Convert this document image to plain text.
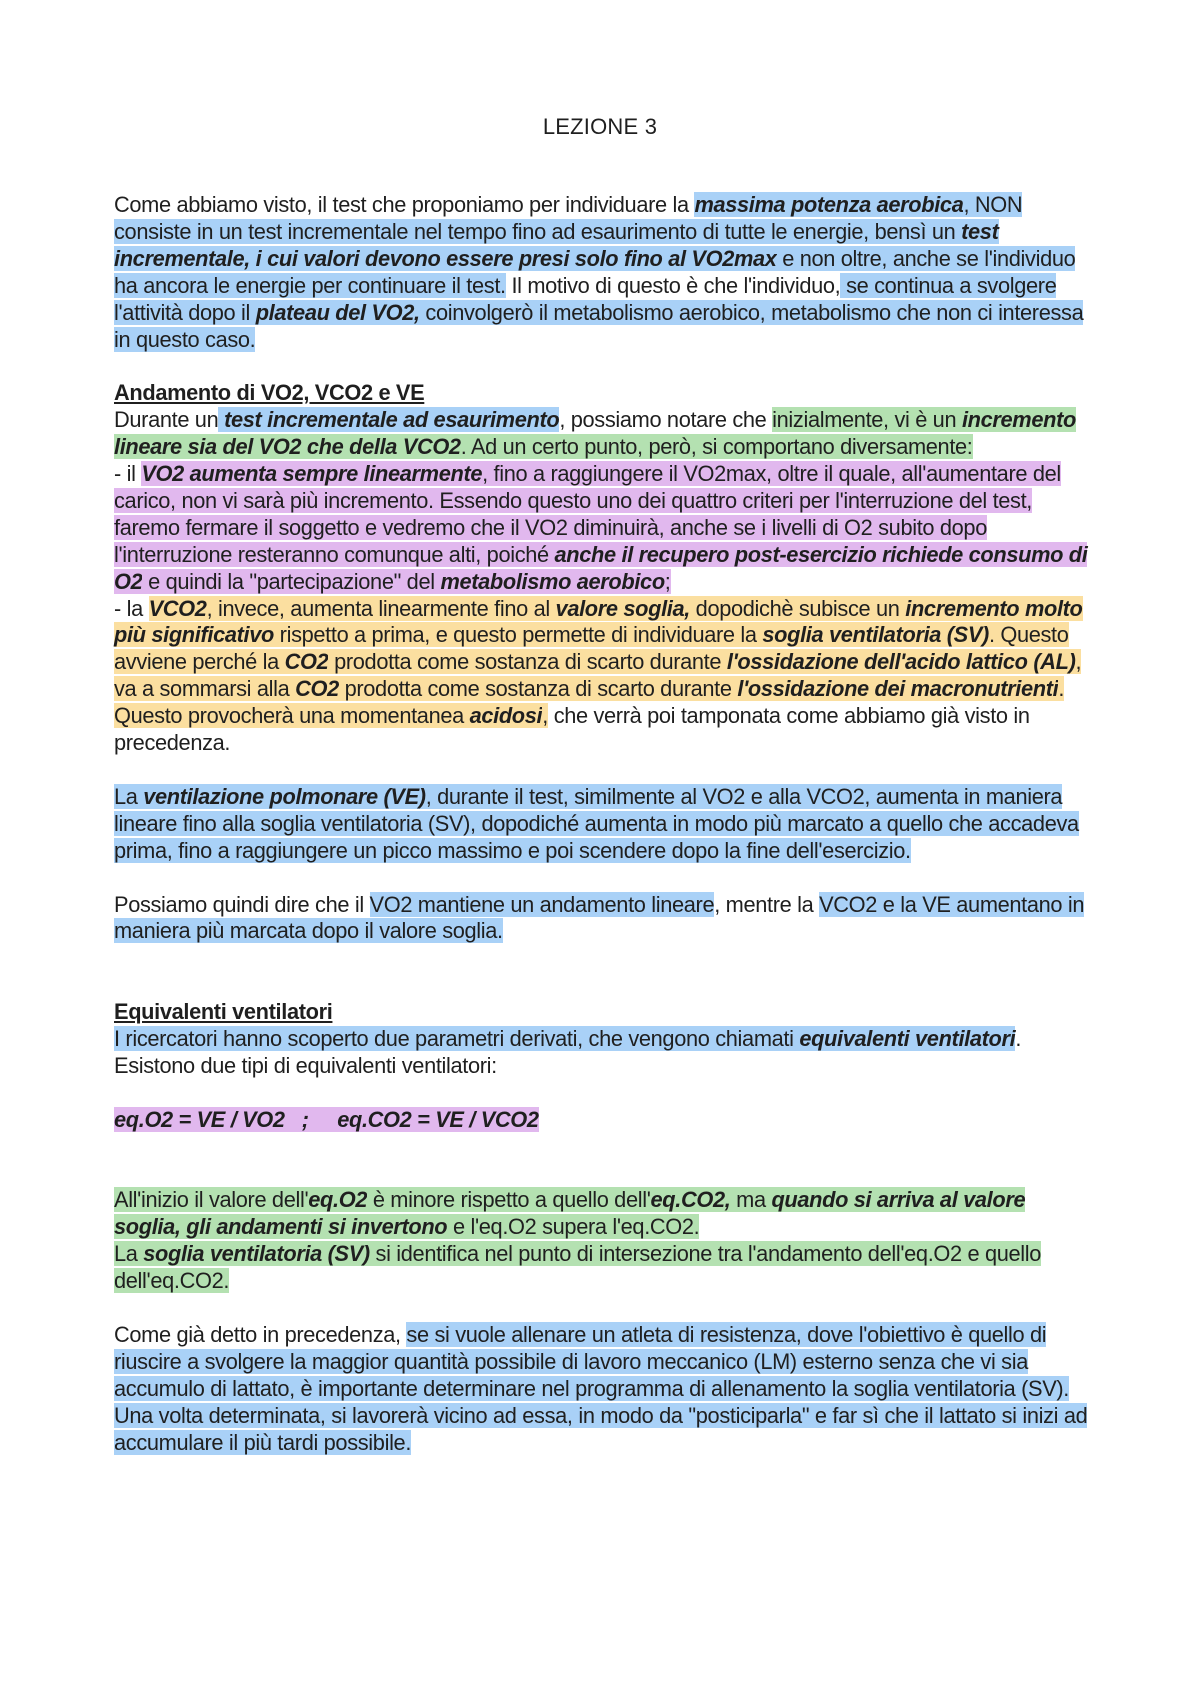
LEZIONE 3

Come abbiamo visto, il test che proponiamo per individuare la massima potenza aerobica, NON consiste in un test incrementale nel tempo fino ad esaurimento di tutte le energie, bensì un test incrementale, i cui valori devono essere presi solo fino al VO2max e non oltre, anche se l'individuo ha ancora le energie per continuare il test. Il motivo di questo è che l'individuo, se continua a svolgere l'attività dopo il plateau del VO2, coinvolgerò il metabolismo aerobico, metabolismo che non ci interessa in questo caso.

Andamento di VO2, VCO2 e VE

Durante un test incrementale ad esaurimento, possiamo notare che inizialmente, vi è un incremento lineare sia del VO2 che della VCO2. Ad un certo punto, però, si comportano diversamente:

- il VO2 aumenta sempre linearmente, fino a raggiungere il VO2max, oltre il quale, all'aumentare del carico, non vi sarà più incremento. Essendo questo uno dei quattro criteri per l'interruzione del test, faremo fermare il soggetto e vedremo che il VO2 diminuirà, anche se i livelli di O2 subito dopo l'interruzione resteranno comunque alti, poiché anche il recupero post-esercizio richiede consumo di O2 e quindi la "partecipazione" del metabolismo aerobico;

- la VCO2, invece, aumenta linearmente fino al valore soglia, dopodichè subisce un incremento molto più significativo rispetto a prima, e questo permette di individuare la soglia ventilatoria (SV). Questo avviene perché la CO2 prodotta come sostanza di scarto durante l'ossidazione dell'acido lattico (AL), va a sommarsi alla CO2 prodotta come sostanza di scarto durante l'ossidazione dei macronutrienti. Questo provocherà una momentanea acidosi, che verrà poi tamponata come abbiamo già visto in precedenza.

La ventilazione polmonare (VE), durante il test, similmente al VO2 e alla VCO2, aumenta in maniera lineare fino alla soglia ventilatoria (SV), dopodiché aumenta in modo più marcato a quello che accadeva prima, fino a raggiungere un picco massimo e poi scendere dopo la fine dell'esercizio.

Possiamo quindi dire che il VO2 mantiene un andamento lineare, mentre la VCO2 e la VE aumentano in maniera più marcata dopo il valore soglia.

Equivalenti ventilatori

I ricercatori hanno scoperto due parametri derivati, che vengono chiamati equivalenti ventilatori. Esistono due tipi di equivalenti ventilatori:

eq.O2 = VE / VO2   ;     eq.CO2 = VE / VCO2

All'inizio il valore dell'eq.O2 è minore rispetto a quello dell'eq.CO2, ma quando si arriva al valore soglia, gli andamenti si invertono e l'eq.O2 supera l'eq.CO2.

La soglia ventilatoria (SV) si identifica nel punto di intersezione tra l'andamento dell'eq.O2 e quello dell'eq.CO2.

Come già detto in precedenza, se si vuole allenare un atleta di resistenza, dove l'obiettivo è quello di riuscire a svolgere la maggior quantità possibile di lavoro meccanico (LM) esterno senza che vi sia accumulo di lattato, è importante determinare nel programma di allenamento la soglia ventilatoria (SV). Una volta determinata, si lavorerà vicino ad essa, in modo da "posticiparla" e far sì che il lattato si inizi ad accumulare il più tardi possibile.
